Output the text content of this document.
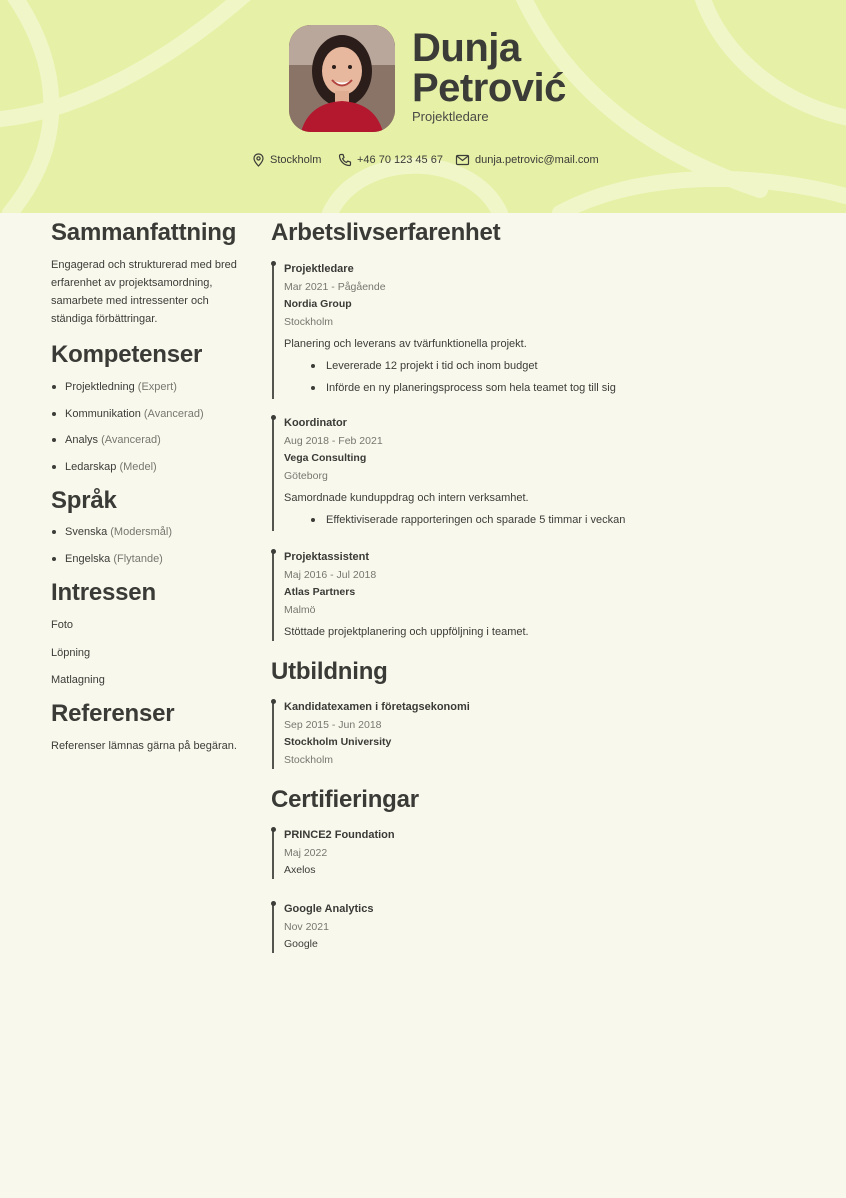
Dunja
Petrović
Projektledare
Stockholm	+46 70 123 45 67	dunja.petrovic@mail.com
Sammanfattning
Engagerad och strukturerad med bred erfarenhet av projektsamordning, samarbete med intressenter och ständiga förbättringar.
Kompetenser
Projektledning (Expert)
Kommunikation (Avancerad)
Analys (Avancerad)
Ledarskap (Medel)
Språk
Svenska (Modersmål)
Engelska (Flytande)
Intressen
Foto
Löpning
Matlagning
Referenser
Referenser lämnas gärna på begäran.
Arbetslivserfarenhet
Projektledare
Mar 2021 - Pågående
Nordia Group
Stockholm
Planering och leverans av tvärfunktionella projekt.
Levererade 12 projekt i tid och inom budget
Införde en ny planeringsprocess som hela teamet tog till sig
Koordinator
Aug 2018 - Feb 2021
Vega Consulting
Göteborg
Samordnade kunduppdrag och intern verksamhet.
Effektiviserade rapporteringen och sparade 5 timmar i veckan
Projektassistent
Maj 2016 - Jul 2018
Atlas Partners
Malmö
Stöttade projektplanering och uppföljning i teamet.
Utbildning
Kandidatexamen i företagsekonomi
Sep 2015 - Jun 2018
Stockholm University
Stockholm
Certifieringar
PRINCE2 Foundation
Maj 2022
Axelos
Google Analytics
Nov 2021
Google
